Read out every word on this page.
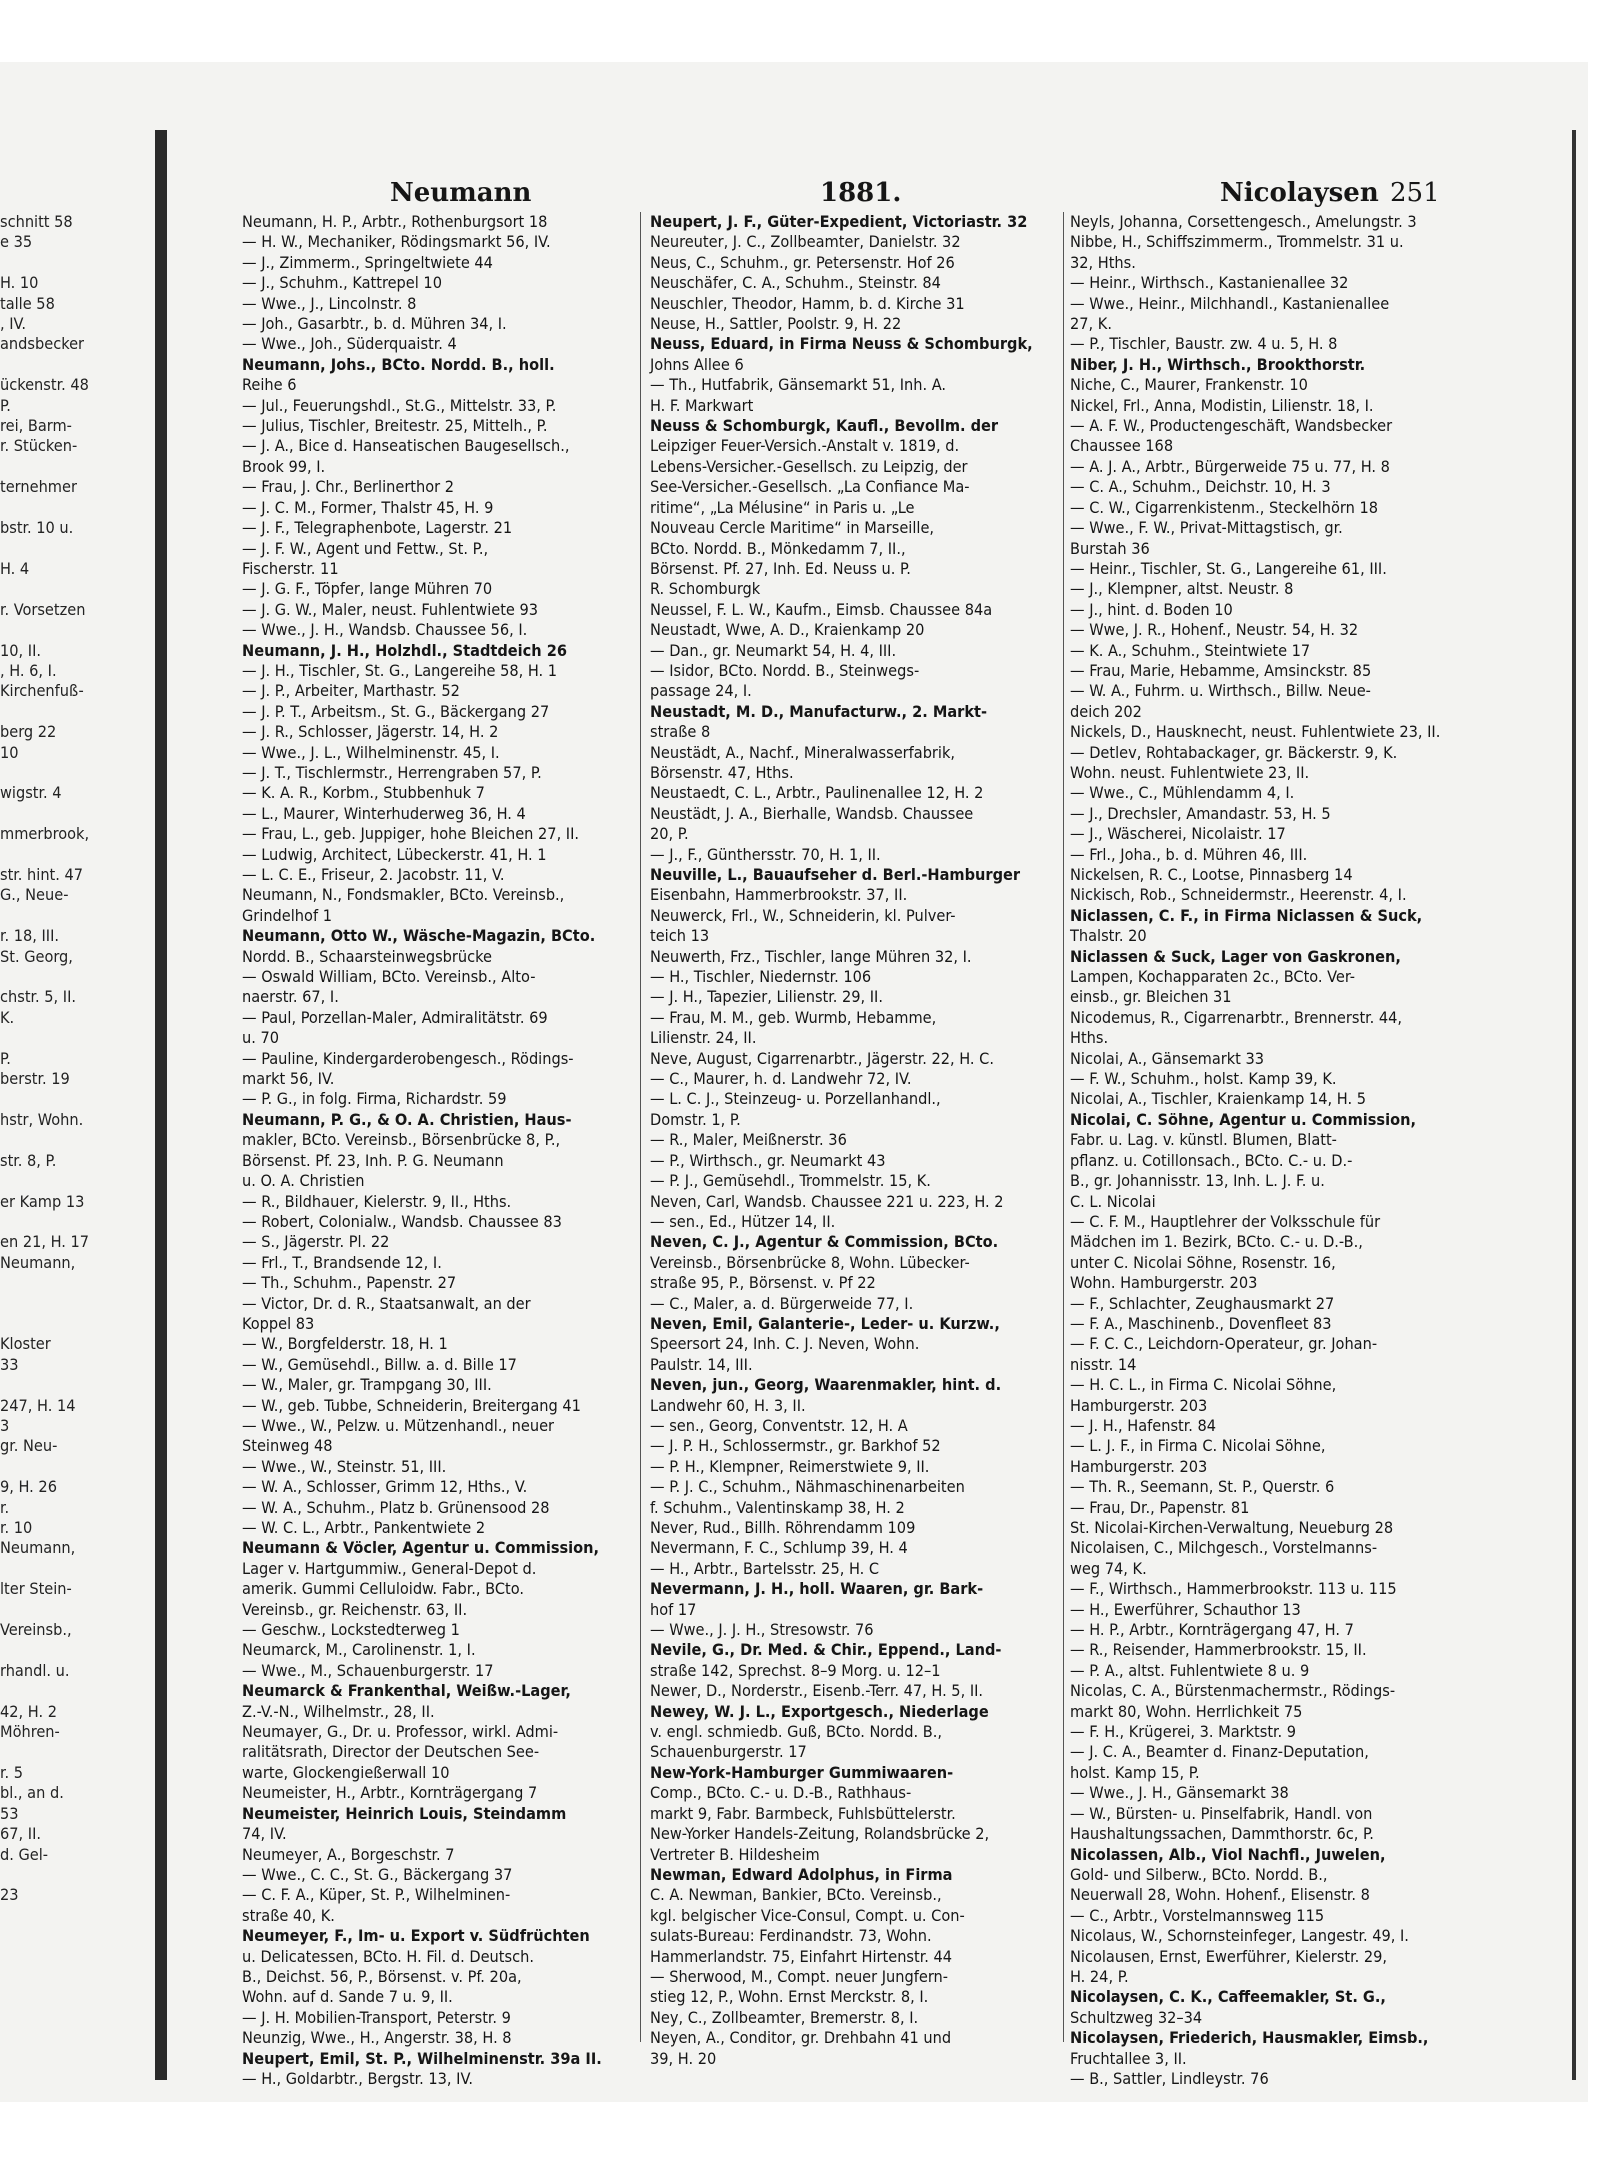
Neumann	1881.	Nicolaysen 251
schnitt 58
e 35

H. 10
talle 58
, IV.
andsbecker

ückenstr. 48
P.
rei, Barm-
r. Stücken-

ternehmer

bstr. 10 u.

H. 4

r. Vorsetzen

10, II.
, H. 6, I.
Kirchenfuß-

berg 22
10

wigstr. 4

mmerbrook,

str. hint. 47
G., Neue-

r. 18, III.
St. Georg,

chstr. 5, II.
K.

P.
berstr. 19

hstr, Wohn.

str. 8, P.

er Kamp 13

en 21, H. 17
Neumann,

Kloster
33

247, H. 14
3
gr. Neu-

9, H. 26
r.
r. 10
Neumann,

lter Stein-

Vereinsb.,

rhandl. u.

42, H. 2
Möhren-

r. 5
bl., an d.
53
67, II.
d. Gel-

23
Neumann, H. P., Arbtr., Rothenburgsort 18
— H. W., Mechaniker, Rödingsmarkt 56, IV.
— J., Zimmerm., Springeltwiete 44
— J., Schuhm., Kattrepel 10
— Wwe., J., Lincolnstr. 8
— Joh., Gasarbtr., b. d. Mühren 34, I.
— Wwe., Joh., Süderquaistr. 4
Neumann, Johs., BCto. Nordd. B., holl.
Reihe 6
— Jul., Feuerungshdl., St.G., Mittelstr. 33, P.
— Julius, Tischler, Breitestr. 25, Mittelh., P.
— J. A., Bice d. Hanseatischen Baugesellsch.,
Brook 99, I.
— Frau, J. Chr., Berlinerthor 2
— J. C. M., Former, Thalstr 45, H. 9
— J. F., Telegraphenbote, Lagerstr. 21
— J. F. W., Agent und Fettw., St. P.,
Fischerstr. 11
— J. G. F., Töpfer, lange Mühren 70
— J. G. W., Maler, neust. Fuhlentwiete 93
— Wwe., J. H., Wandsb. Chaussee 56, I.
Neumann, J. H., Holzhdl., Stadtdeich 26
— J. H., Tischler, St. G., Langereihe 58, H. 1
— J. P., Arbeiter, Marthastr. 52
— J. P. T., Arbeitsm., St. G., Bäckergang 27
— J. R., Schlosser, Jägerstr. 14, H. 2
— Wwe., J. L., Wilhelminenstr. 45, I.
— J. T., Tischlermstr., Herrengraben 57, P.
— K. A. R., Korbm., Stubbenhuk 7
— L., Maurer, Winterhuderweg 36, H. 4
— Frau, L., geb. Juppiger, hohe Bleichen 27, II.
— Ludwig, Architect, Lübeckerstr. 41, H. 1
— L. C. E., Friseur, 2. Jacobstr. 11, V.
Neumann, N., Fondsmakler, BCto. Vereinsb.,
Grindelhof 1
Neumann, Otto W., Wäsche-Magazin, BCto.
Nordd. B., Schaarsteinwegsbrücke
— Oswald William, BCto. Vereinsb., Alto-
naerstr. 67, I.
— Paul, Porzellan-Maler, Admiralitätstr. 69
u. 70
— Pauline, Kindergarderobengesch., Rödings-
markt 56, IV.
— P. G., in folg. Firma, Richardstr. 59
Neumann, P. G., & O. A. Christien, Haus-
makler, BCto. Vereinsb., Börsenbrücke 8, P.,
Börsenst. Pf. 23, Inh. P. G. Neumann
u. O. A. Christien
— R., Bildhauer, Kielerstr. 9, II., Hths.
— Robert, Colonialw., Wandsb. Chaussee 83
— S., Jägerstr. Pl. 22
— Frl., T., Brandsende 12, I.
— Th., Schuhm., Papenstr. 27
— Victor, Dr. d. R., Staatsanwalt, an der
Koppel 83
— W., Borgfelderstr. 18, H. 1
— W., Gemüsehdl., Billw. a. d. Bille 17
— W., Maler, gr. Trampgang 30, III.
— W., geb. Tubbe, Schneiderin, Breitergang 41
— Wwe., W., Pelzw. u. Mützenhandl., neuer
Steinweg 48
— Wwe., W., Steinstr. 51, III.
— W. A., Schlosser, Grimm 12, Hths., V.
— W. A., Schuhm., Platz b. Grünensood 28
— W. C. L., Arbtr., Pankentwiete 2
Neumann & Vöcler, Agentur u. Commission,
Lager v. Hartgummiw., General-Depot d.
amerik. Gummi Celluloidw. Fabr., BCto.
Vereinsb., gr. Reichenstr. 63, II.
— Geschw., Lockstedterweg 1
Neumarck, M., Carolinenstr. 1, I.
— Wwe., M., Schauenburgerstr. 17
Neumarck & Frankenthal, Weißw.-Lager,
Z.-V.-N., Wilhelmstr., 28, II.
Neumayer, G., Dr. u. Professor, wirkl. Admi-
ralitätsrath, Director der Deutschen See-
warte, Glockengießerwall 10
Neumeister, H., Arbtr., Kornträgergang 7
Neumeister, Heinrich Louis, Steindamm
74, IV.
Neumeyer, A., Borgeschstr. 7
— Wwe., C. C., St. G., Bäckergang 37
— C. F. A., Küper, St. P., Wilhelminen-
straße 40, K.
Neumeyer, F., Im- u. Export v. Südfrüchten
u. Delicatessen, BCto. H. Fil. d. Deutsch.
B., Deichst. 56, P., Börsenst. v. Pf. 20a,
Wohn. auf d. Sande 7 u. 9, II.
— J. H. Mobilien-Transport, Peterstr. 9
Neunzig, Wwe., H., Angerstr. 38, H. 8
Neupert, Emil, St. P., Wilhelminenstr. 39a II.
— H., Goldarbtr., Bergstr. 13, IV.
Neupert, J. F., Güter-Expedient, Victoriastr. 32
Neureuter, J. C., Zollbeamter, Danielstr. 32
Neus, C., Schuhm., gr. Petersenstr. Hof 26
Neuschäfer, C. A., Schuhm., Steinstr. 84
Neuschler, Theodor, Hamm, b. d. Kirche 31
Neuse, H., Sattler, Poolstr. 9, H. 22
Neuss, Eduard, in Firma Neuss & Schomburgk,
Johns Allee 6
— Th., Hutfabrik, Gänsemarkt 51, Inh. A.
H. F. Markwart
Neuss & Schomburgk, Kaufl., Bevollm. der
Leipziger Feuer-Versich.-Anstalt v. 1819, d.
Lebens-Versicher.-Gesellsch. zu Leipzig, der
See-Versicher.-Gesellsch. „La Confiance Ma-
ritime“, „La Mélusine“ in Paris u. „Le
Nouveau Cercle Maritime“ in Marseille,
BCto. Nordd. B., Mönkedamm 7, II.,
Börsenst. Pf. 27, Inh. Ed. Neuss u. P.
R. Schomburgk
Neussel, F. L. W., Kaufm., Eimsb. Chaussee 84a
Neustadt, Wwe, A. D., Kraienkamp 20
— Dan., gr. Neumarkt 54, H. 4, III.
— Isidor, BCto. Nordd. B., Steinwegs-
passage 24, I.
Neustadt, M. D., Manufacturw., 2. Markt-
straße 8
Neustädt, A., Nachf., Mineralwasserfabrik,
Börsenstr. 47, Hths.
Neustaedt, C. L., Arbtr., Paulinenallee 12, H. 2
Neustädt, J. A., Bierhalle, Wandsb. Chaussee
20, P.
— J., F., Günthersstr. 70, H. 1, II.
Neuville, L., Bauaufseher d. Berl.-Hamburger
Eisenbahn, Hammerbrookstr. 37, II.
Neuwerck, Frl., W., Schneiderin, kl. Pulver-
teich 13
Neuwerth, Frz., Tischler, lange Mühren 32, I.
— H., Tischler, Niedernstr. 106
— J. H., Tapezier, Lilienstr. 29, II.
— Frau, M. M., geb. Wurmb, Hebamme,
Lilienstr. 24, II.
Neve, August, Cigarrenarbtr., Jägerstr. 22, H. C.
— C., Maurer, h. d. Landwehr 72, IV.
— L. C. J., Steinzeug- u. Porzellanhandl.,
Domstr. 1, P.
— R., Maler, Meißnerstr. 36
— P., Wirthsch., gr. Neumarkt 43
— P. J., Gemüsehdl., Trommelstr. 15, K.
Neven, Carl, Wandsb. Chaussee 221 u. 223, H. 2
— sen., Ed., Hützer 14, II.
Neven, C. J., Agentur & Commission, BCto.
Vereinsb., Börsenbrücke 8, Wohn. Lübecker-
straße 95, P., Börsenst. v. Pf 22
— C., Maler, a. d. Bürgerweide 77, I.
Neven, Emil, Galanterie-, Leder- u. Kurzw.,
Speersort 24, Inh. C. J. Neven, Wohn.
Paulstr. 14, III.
Neven, jun., Georg, Waarenmakler, hint. d.
Landwehr 60, H. 3, II.
— sen., Georg, Conventstr. 12, H. A
— J. P. H., Schlossermstr., gr. Barkhof 52
— P. H., Klempner, Reimerstwiete 9, II.
— P. J. C., Schuhm., Nähmaschinenarbeiten
f. Schuhm., Valentinskamp 38, H. 2
Never, Rud., Billh. Röhrendamm 109
Nevermann, F. C., Schlump 39, H. 4
— H., Arbtr., Bartelsstr. 25, H. C
Nevermann, J. H., holl. Waaren, gr. Bark-
hof 17
— Wwe., J. J. H., Stresowstr. 76
Nevile, G., Dr. Med. & Chir., Eppend., Land-
straße 142, Sprechst. 8–9 Morg. u. 12–1
Newer, D., Norderstr., Eisenb.-Terr. 47, H. 5, II.
Newey, W. J. L., Exportgesch., Niederlage
v. engl. schmiedb. Guß, BCto. Nordd. B.,
Schauenburgerstr. 17
New-York-Hamburger Gummiwaaren-
Comp., BCto. C.- u. D.-B., Rathhaus-
markt 9, Fabr. Barmbeck, Fuhlsbüttelerstr.
New-Yorker Handels-Zeitung, Rolandsbrücke 2,
Vertreter B. Hildesheim
Newman, Edward Adolphus, in Firma
C. A. Newman, Bankier, BCto. Vereinsb.,
kgl. belgischer Vice-Consul, Compt. u. Con-
sulats-Bureau: Ferdinandstr. 73, Wohn.
Hammerlandstr. 75, Einfahrt Hirtenstr. 44
— Sherwood, M., Compt. neuer Jungfern-
stieg 12, P., Wohn. Ernst Merckstr. 8, I.
Ney, C., Zollbeamter, Bremerstr. 8, I.
Neyen, A., Conditor, gr. Drehbahn 41 und
39, H. 20
Neyls, Johanna, Corsettengesch., Amelungstr. 3
Nibbe, H., Schiffszimmerm., Trommelstr. 31 u.
32, Hths.
— Heinr., Wirthsch., Kastanienallee 32
— Wwe., Heinr., Milchhandl., Kastanienallee
27, K.
— P., Tischler, Baustr. zw. 4 u. 5, H. 8
Niber, J. H., Wirthsch., Brookthorstr.
Niche, C., Maurer, Frankenstr. 10
Nickel, Frl., Anna, Modistin, Lilienstr. 18, I.
— A. F. W., Productengeschäft, Wandsbecker
Chaussee 168
— A. J. A., Arbtr., Bürgerweide 75 u. 77, H. 8
— C. A., Schuhm., Deichstr. 10, H. 3
— C. W., Cigarrenkistenm., Steckelhörn 18
— Wwe., F. W., Privat-Mittagstisch, gr.
Burstah 36
— Heinr., Tischler, St. G., Langereihe 61, III.
— J., Klempner, altst. Neustr. 8
— J., hint. d. Boden 10
— Wwe, J. R., Hohenf., Neustr. 54, H. 32
— K. A., Schuhm., Steintwiete 17
— Frau, Marie, Hebamme, Amsinckstr. 85
— W. A., Fuhrm. u. Wirthsch., Billw. Neue-
deich 202
Nickels, D., Hausknecht, neust. Fuhlentwiete 23, II.
— Detlev, Rohtabackager, gr. Bäckerstr. 9, K.
Wohn. neust. Fuhlentwiete 23, II.
— Wwe., C., Mühlendamm 4, I.
— J., Drechsler, Amandastr. 53, H. 5
— J., Wäscherei, Nicolaistr. 17
— Frl., Joha., b. d. Mühren 46, III.
Nickelsen, R. C., Lootse, Pinnasberg 14
Nickisch, Rob., Schneidermstr., Heerenstr. 4, I.
Niclassen, C. F., in Firma Niclassen & Suck,
Thalstr. 20
Niclassen & Suck, Lager von Gaskronen,
Lampen, Kochapparaten 2c., BCto. Ver-
einsb., gr. Bleichen 31
Nicodemus, R., Cigarrenarbtr., Brennerstr. 44,
Hths.
Nicolai, A., Gänsemarkt 33
— F. W., Schuhm., holst. Kamp 39, K.
Nicolai, A., Tischler, Kraienkamp 14, H. 5
Nicolai, C. Söhne, Agentur u. Commission,
Fabr. u. Lag. v. künstl. Blumen, Blatt-
pflanz. u. Cotillonsach., BCto. C.- u. D.-
B., gr. Johannisstr. 13, Inh. L. J. F. u.
C. L. Nicolai
— C. F. M., Hauptlehrer der Volksschule für
Mädchen im 1. Bezirk, BCto. C.- u. D.-B.,
unter C. Nicolai Söhne, Rosenstr. 16,
Wohn. Hamburgerstr. 203
— F., Schlachter, Zeughausmarkt 27
— F. A., Maschinenb., Dovenfleet 83
— F. C. C., Leichdorn-Operateur, gr. Johan-
nisstr. 14
— H. C. L., in Firma C. Nicolai Söhne,
Hamburgerstr. 203
— J. H., Hafenstr. 84
— L. J. F., in Firma C. Nicolai Söhne,
Hamburgerstr. 203
— Th. R., Seemann, St. P., Querstr. 6
— Frau, Dr., Papenstr. 81
St. Nicolai-Kirchen-Verwaltung, Neueburg 28
Nicolaisen, C., Milchgesch., Vorstelmanns-
weg 74, K.
— F., Wirthsch., Hammerbrookstr. 113 u. 115
— H., Ewerführer, Schauthor 13
— H. P., Arbtr., Kornträgergang 47, H. 7
— R., Reisender, Hammerbrookstr. 15, II.
— P. A., altst. Fuhlentwiete 8 u. 9
Nicolas, C. A., Bürstenmachermstr., Rödings-
markt 80, Wohn. Herrlichkeit 75
— F. H., Krügerei, 3. Marktstr. 9
— J. C. A., Beamter d. Finanz-Deputation,
holst. Kamp 15, P.
— Wwe., J. H., Gänsemarkt 38
— W., Bürsten- u. Pinselfabrik, Handl. von
Haushaltungssachen, Dammthorstr. 6c, P.
Nicolassen, Alb., Viol Nachfl., Juwelen,
Gold- und Silberw., BCto. Nordd. B.,
Neuerwall 28, Wohn. Hohenf., Elisenstr. 8
— C., Arbtr., Vorstelmannsweg 115
Nicolaus, W., Schornsteinfeger, Langestr. 49, I.
Nicolausen, Ernst, Ewerführer, Kielerstr. 29,
H. 24, P.
Nicolaysen, C. K., Caffeemakler, St. G.,
Schultzweg 32–34
Nicolaysen, Friederich, Hausmakler, Eimsb.,
Fruchtallee 3, II.
— B., Sattler, Lindleystr. 76
